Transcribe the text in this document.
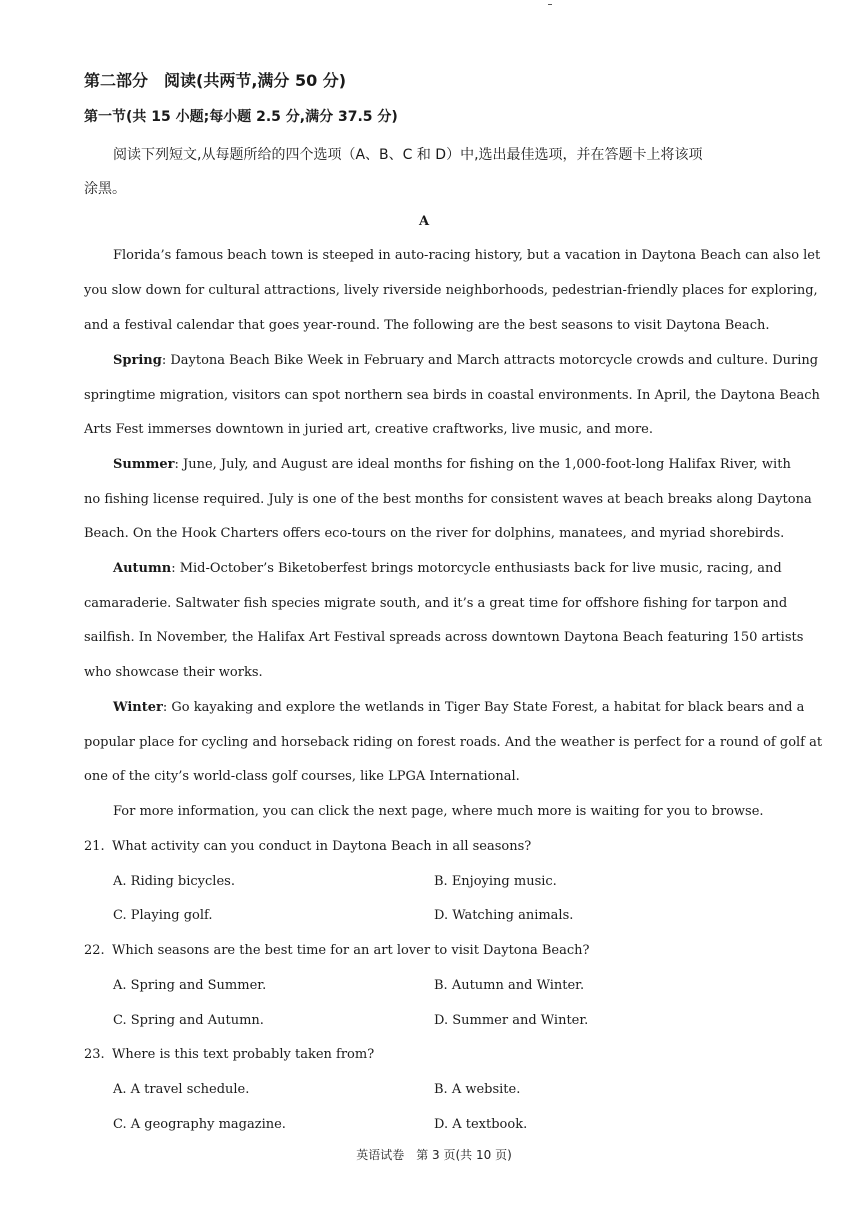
第二部分　阅读(共两节,满分 50 分)
第一节(共 15 小题;每小题 2.5 分,满分 37.5 分)
阅读下列短文,从每题所给的四个选项（A、B、C 和 D）中,选出最佳选项，并在答题卡上将该项
涂黑。
A
Florida’s famous beach town is steeped in auto-racing history, but a vacation in Daytona Beach can also let
you slow down for cultural attractions, lively riverside neighborhoods, pedestrian-friendly places for exploring,
and a festival calendar that goes year-round. The following are the best seasons to visit Daytona Beach.
Spring: Daytona Beach Bike Week in February and March attracts motorcycle crowds and culture. During
springtime migration, visitors can spot northern sea birds in coastal environments. In April, the Daytona Beach
Arts Fest immerses downtown in juried art, creative craftworks, live music, and more.
Summer: June, July, and August are ideal months for fishing on the 1,000-foot-long Halifax River, with
no fishing license required. July is one of the best months for consistent waves at beach breaks along Daytona
Beach. On the Hook Charters offers eco-tours on the river for dolphins, manatees, and myriad shorebirds.
Autumn: Mid-October’s Biketoberfest brings motorcycle enthusiasts back for live music, racing, and
camaraderie. Saltwater fish species migrate south, and it’s a great time for offshore fishing for tarpon and
sailfish. In November, the Halifax Art Festival spreads across downtown Daytona Beach featuring 150 artists
who showcase their works.
Winter: Go kayaking and explore the wetlands in Tiger Bay State Forest, a habitat for black bears and a
popular place for cycling and horseback riding on forest roads. And the weather is perfect for a round of golf at
one of the city’s world-class golf courses, like LPGA International.
For more information, you can click the next page, where much more is waiting for you to browse.
21. What activity can you conduct in Daytona Beach in all seasons?
A. Riding bicycles.	B. Enjoying music.
C. Playing golf.	D. Watching animals.
22. Which seasons are the best time for an art lover to visit Daytona Beach?
A. Spring and Summer.	B. Autumn and Winter.
C. Spring and Autumn.	D. Summer and Winter.
23. Where is this text probably taken from?
A. A travel schedule.	B. A website.
C. A geography magazine.	D. A textbook.
英语试卷　第 3 页(共 10 页)
